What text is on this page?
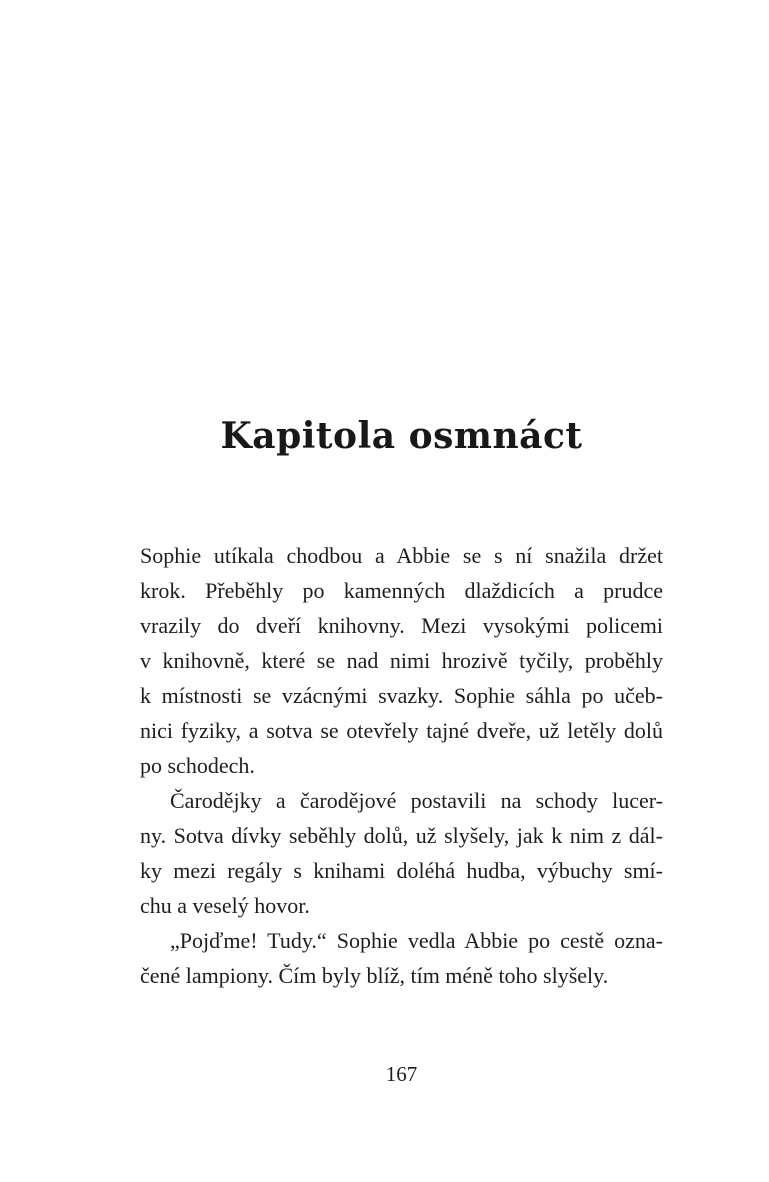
Kapitola osmnáct
Sophie utíkala chodbou a Abbie se s ní snažila držet
krok. Přeběhly po kamenných dlaždicích a prudce
vrazily do dveří knihovny. Mezi vysokými policemi
v knihovně, které se nad nimi hrozivě tyčily, proběhly
k místnosti se vzácnými svazky. Sophie sáhla po učeb-
nici fyziky, a sotva se otevřely tajné dveře, už letěly dolů
po schodech.
Čarodějky a čarodějové postavili na schody lucer-
ny. Sotva dívky seběhly dolů, už slyšely, jak k nim z dál-
ky mezi regály s knihami doléhá hudba, výbuchy smí-
chu a veselý hovor.
„Pojďme! Tudy.“ Sophie vedla Abbie po cestě ozna-
čené lampiony. Čím byly blíž, tím méně toho slyšely.
167
